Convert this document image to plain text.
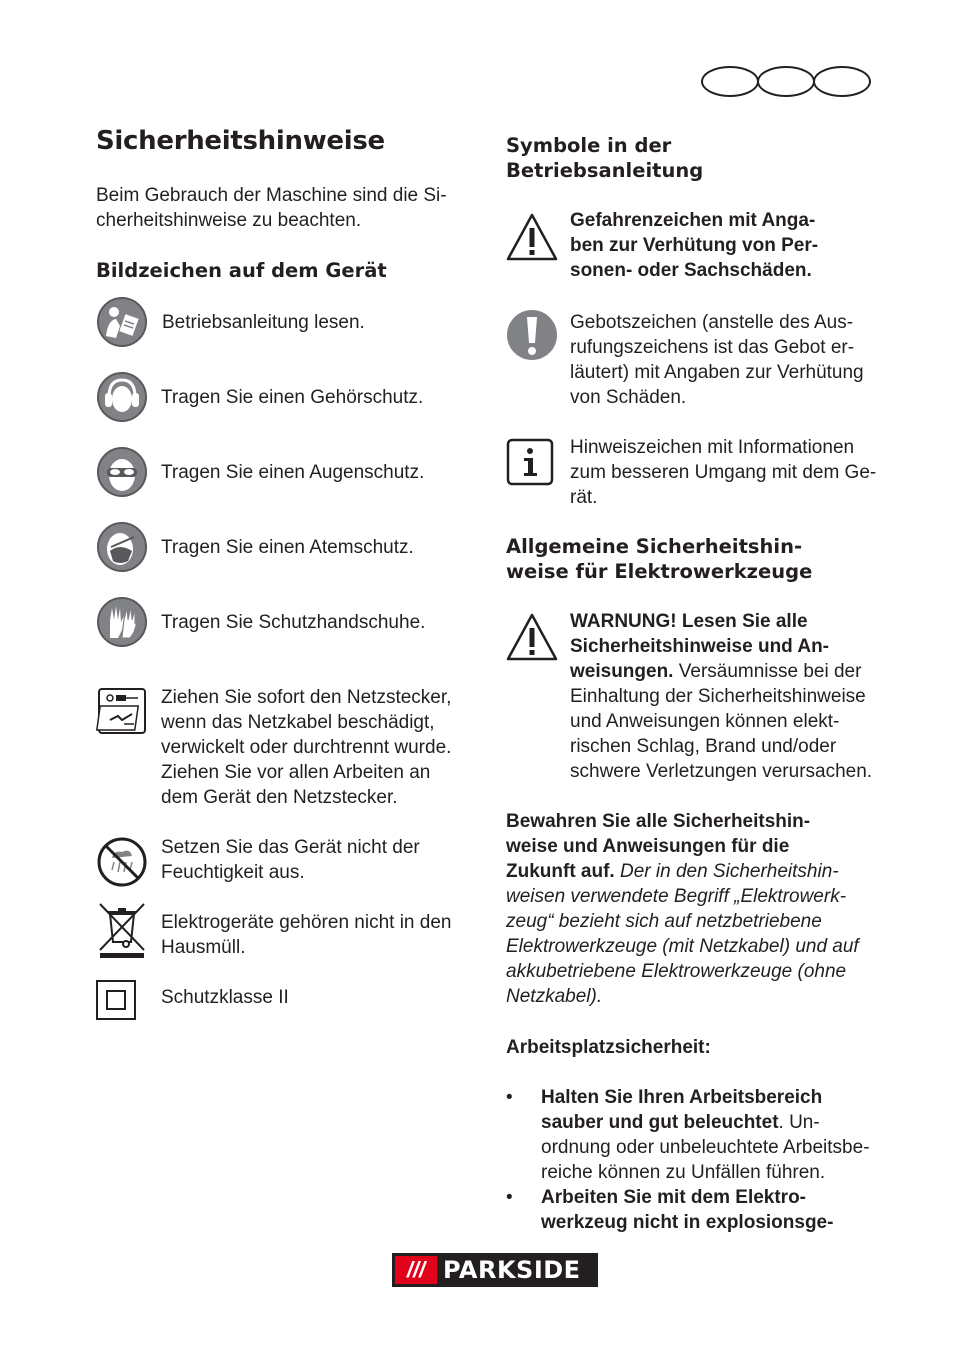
Sicherheitshinweise
Beim Gebrauch der Maschine sind die Si-
cherheitshinweise zu beachten.
Bildzeichen auf dem Gerät
Betriebsanleitung lesen.
Tragen Sie einen Gehörschutz.
Tragen Sie einen Augenschutz.
Tragen Sie einen Atemschutz.
Tragen Sie Schutzhandschuhe.
Ziehen Sie sofort den Netzstecker,
wenn das Netzkabel beschädigt,
verwickelt oder durchtrennt wurde.
Ziehen Sie vor allen Arbeiten an
dem Gerät den Netzstecker.
Setzen Sie das Gerät nicht der
Feuchtigkeit aus.
Elektrogeräte gehören nicht in den
Hausmüll.
Schutzklasse II
Symbole in der
Betriebsanleitung
Gefahrenzeichen mit Anga-
ben zur Verhütung von Per-
sonen- oder Sachschäden.
Gebotszeichen (anstelle des Aus-
rufungszeichens ist das Gebot er-
läutert) mit Angaben zur Verhütung
von Schäden.
Hinweiszeichen mit Informationen
zum besseren Umgang mit dem Ge-
rät.
Allgemeine Sicherheitshin-
weise für Elektrowerkzeuge
WARNUNG! Lesen Sie alle
Sicherheitshinweise und An-
weisungen. Versäumnisse bei der
Einhaltung der Sicherheitshinweise
und Anweisungen können elekt-
rischen Schlag, Brand und/oder
schwere Verletzungen verursachen.
Bewahren Sie alle Sicherheitshin-
weise und Anweisungen für die
Zukunft auf. Der in den Sicherheitshin-
weisen verwendete Begriff „Elektrowerk-
zeug“ bezieht sich auf netzbetriebene
Elektrowerkzeuge (mit Netzkabel) und auf
akkubetriebene Elektrowerkzeuge (ohne
Netzkabel).
Arbeitsplatzsicherheit:
• Halten Sie Ihren Arbeitsbereich
sauber und gut beleuchtet. Un-
ordnung oder unbeleuchtete Arbeitsbe-
reiche können zu Unfällen führen.
• Arbeiten Sie mit dem Elektro-
werkzeug nicht in explosionsge-
/// PARKSIDE
